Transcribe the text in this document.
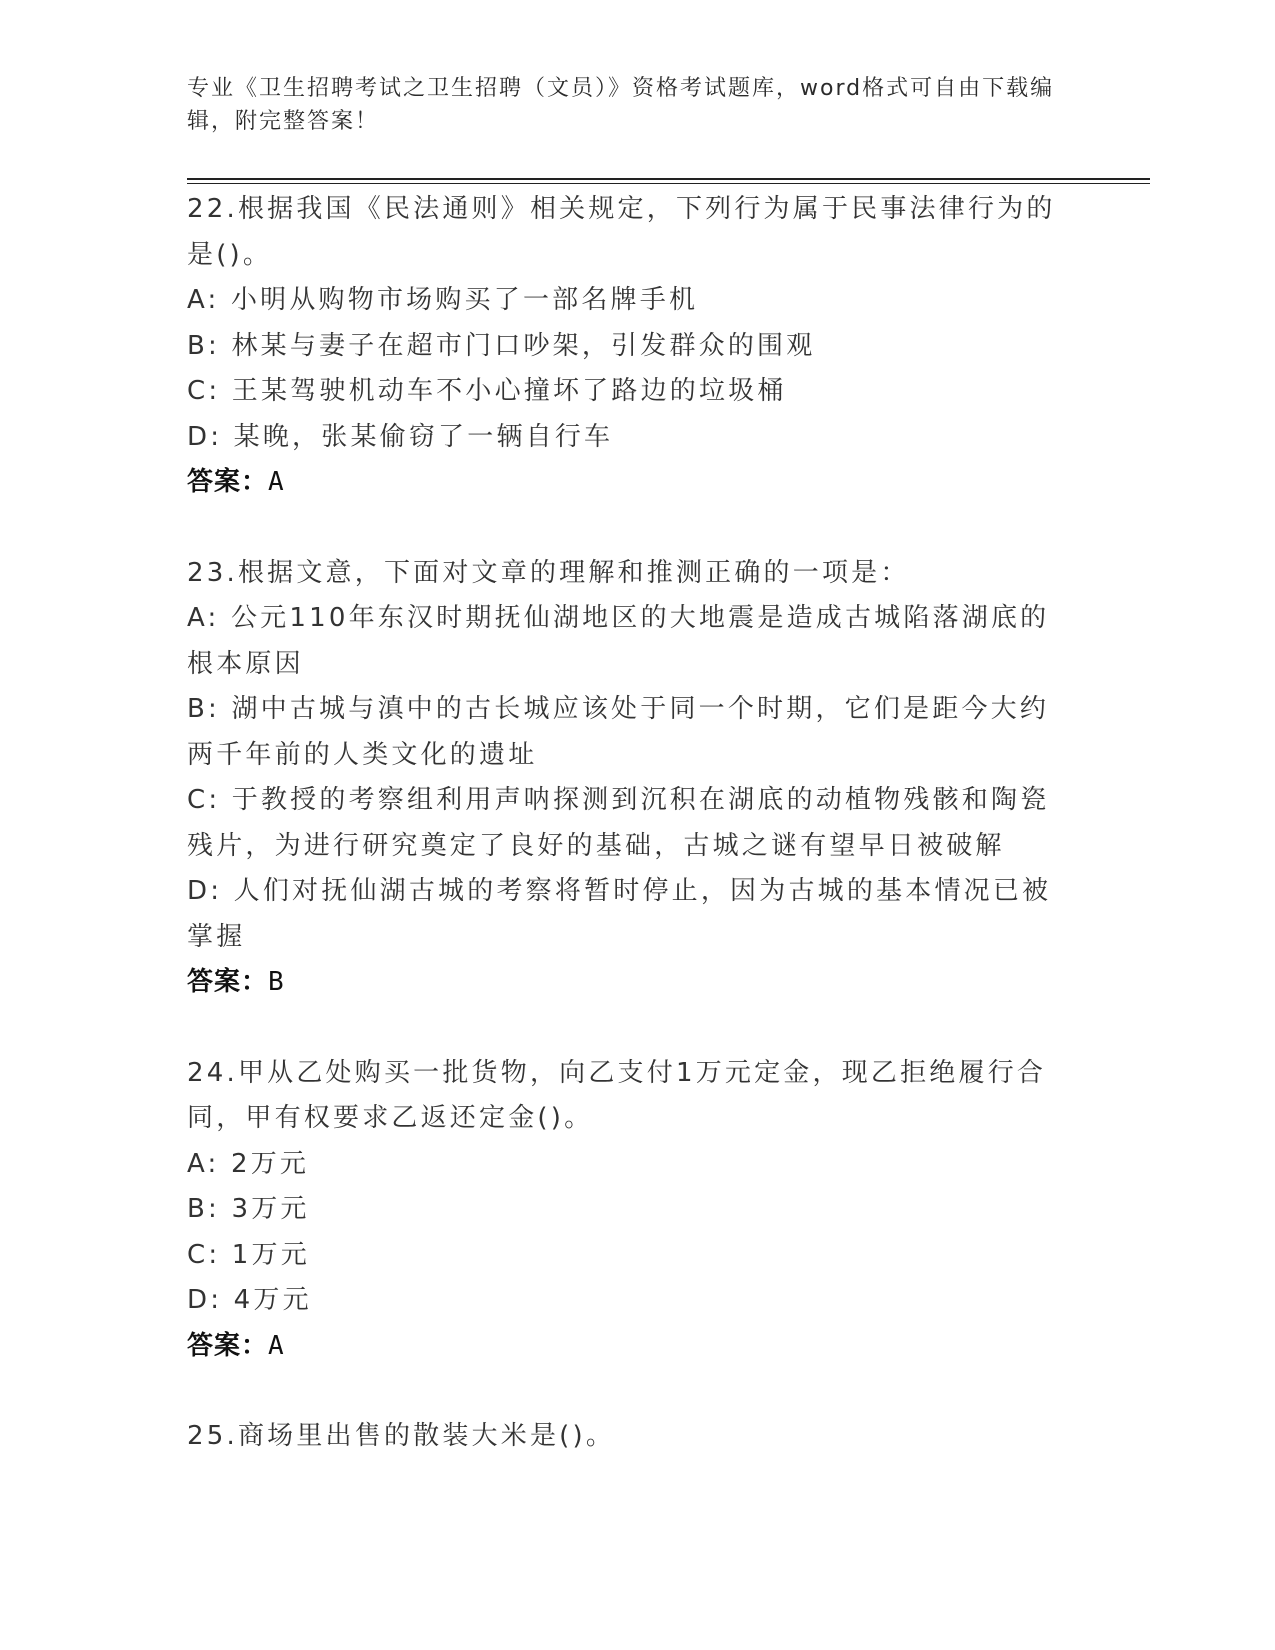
专业《卫生招聘考试之卫生招聘（文员）》资格考试题库，word格式可自由下载编辑，附完整答案！

22.根据我国《民法通则》相关规定，下列行为属于民事法律行为的是()。

A: 小明从购物市场购买了一部名牌手机

B: 林某与妻子在超市门口吵架，引发群众的围观

C: 王某驾驶机动车不小心撞坏了路边的垃圾桶

D: 某晚，张某偷窃了一辆自行车

答案：A

23.根据文意，下面对文章的理解和推测正确的一项是：

A: 公元110年东汉时期抚仙湖地区的大地震是造成古城陷落湖底的根本原因

B: 湖中古城与滇中的古长城应该处于同一个时期，它们是距今大约两千年前的人类文化的遗址

C: 于教授的考察组利用声呐探测到沉积在湖底的动植物残骸和陶瓷残片，为进行研究奠定了良好的基础，古城之谜有望早日被破解

D: 人们对抚仙湖古城的考察将暂时停止，因为古城的基本情况已被掌握

答案：B

24.甲从乙处购买一批货物，向乙支付1万元定金，现乙拒绝履行合同，甲有权要求乙返还定金()。

A: 2万元

B: 3万元

C: 1万元

D: 4万元

答案：A

25.商场里出售的散装大米是()。
